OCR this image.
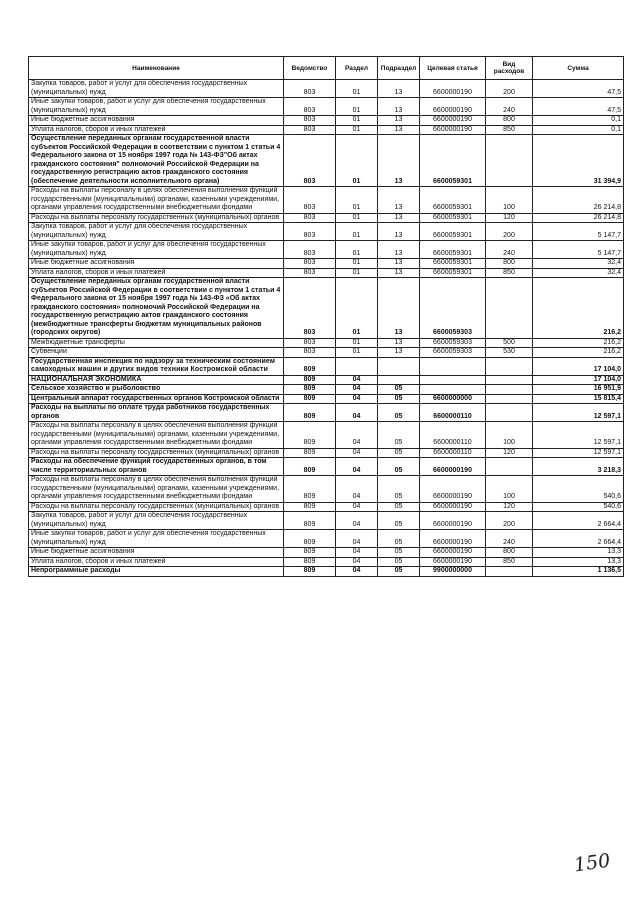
Наименование	Ведомство	Раздел	Подраздел	Целевая статья	Вид расходов	Сумма
Закупка товаров, работ и услуг для обеспечения государственных (муниципальных) нужд	803	01	13	6600000190	200	47,5
Иные закупки товаров, работ и услуг для обеспечения государственных (муниципальных) нужд	803	01	13	6600000190	240	47,5
Иные бюджетные ассигнования	803	01	13	6600000190	800	0,1
Уплата налогов, сборов и иных платежей	803	01	13	6600000190	850	0,1
Осуществление переданных органам государственной власти субъектов Российской Федерации в соответствии с пунктом 1 статьи 4 Федерального закона от 15 ноября 1997 года № 143-ФЗ"Об актах гражданского состояния" полномочий Российской Федерации на государственную регистрацию актов гражданского состояния (обеспечение деятельности исполнительного органа)	803	01	13	6600059301		31 394,9
Расходы на выплаты персоналу в целях обеспечения выполнения функций государственными (муниципальными) органами, казенными учреждениями, органами управления государственными внебюджетными фондами	803	01	13	6600059301	100	26 214,8
Расходы на выплаты персоналу государственных (муниципальных) органов	803	01	13	6600059301	120	26 214,8
Закупка товаров, работ и услуг для обеспечения государственных (муниципальных) нужд	803	01	13	6600059301	200	5 147,7
Иные закупки товаров, работ и услуг для обеспечения государственных (муниципальных) нужд	803	01	13	6600059301	240	5 147,7
Иные бюджетные ассигнования	803	01	13	6600059301	800	32,4
Уплата налогов, сборов и иных платежей	803	01	13	6600059301	850	32,4
Осуществление переданных органам государственной власти субъектов Российской Федерации в соответствии с пунктом 1 статьи 4 Федерального закона от 15 ноября 1997 года № 143-ФЗ «Об актах гражданского состояния» полномочий Российской Федерации на государственную регистрацию актов гражданского состояния (межбюджетные трансферты бюджетам муниципальных районов (городских округов)	803	01	13	6600059303		216,2
Межбюджетные трансферты	803	01	13	6600059303	500	216,2
Субвенции	803	01	13	6600059303	530	216,2
Государственная инспекция по надзору за техническим состоянием самоходных машин и других видов техники Костромской области	809					17 104,0
НАЦИОНАЛЬНАЯ ЭКОНОМИКА	809	04				17 104,0
Сельское хозяйство и рыболовство	809	04	05			16 951,9
Центральный аппарат государственных органов Костромской области	809	04	05	6600000000		15 815,4
Расходы на выплаты по оплате труда работников государственных органов	809	04	05	6600000110		12 597,1
Расходы на выплаты персоналу в целях обеспечения выполнения функций государственными (муниципальными) органами, казенными учреждениями, органами управления государственными внебюджетными фондами	809	04	05	6600000110	100	12 597,1
Расходы на выплаты персоналу государственных (муниципальных) органов	809	04	05	6600000110	120	12 597,1
Расходы на обеспечение функций государственных органов, в том числе территориальных органов	809	04	05	6600000190		3 218,3
Расходы на выплаты персоналу в целях обеспечения выполнения функций государственными (муниципальными) органами, казенными учреждениями, органами управления государственными внебюджетными фондами	809	04	05	6600000190	100	540,6
Расходы на выплаты персоналу государственных (муниципальных) органов	809	04	05	6600000190	120	540,6
Закупка товаров, работ и услуг для обеспечения государственных (муниципальных) нужд	809	04	05	6600000190	200	2 664,4
Иные закупки товаров, работ и услуг для обеспечения государственных (муниципальных) нужд	809	04	05	6600000190	240	2 664,4
Иные бюджетные ассигнования	809	04	05	6600000190	800	13,3
Уплата налогов, сборов и иных платежей	809	04	05	6600000190	850	13,3
Непрограммные расходы	809	04	05	9900000000		1 136,5
150
